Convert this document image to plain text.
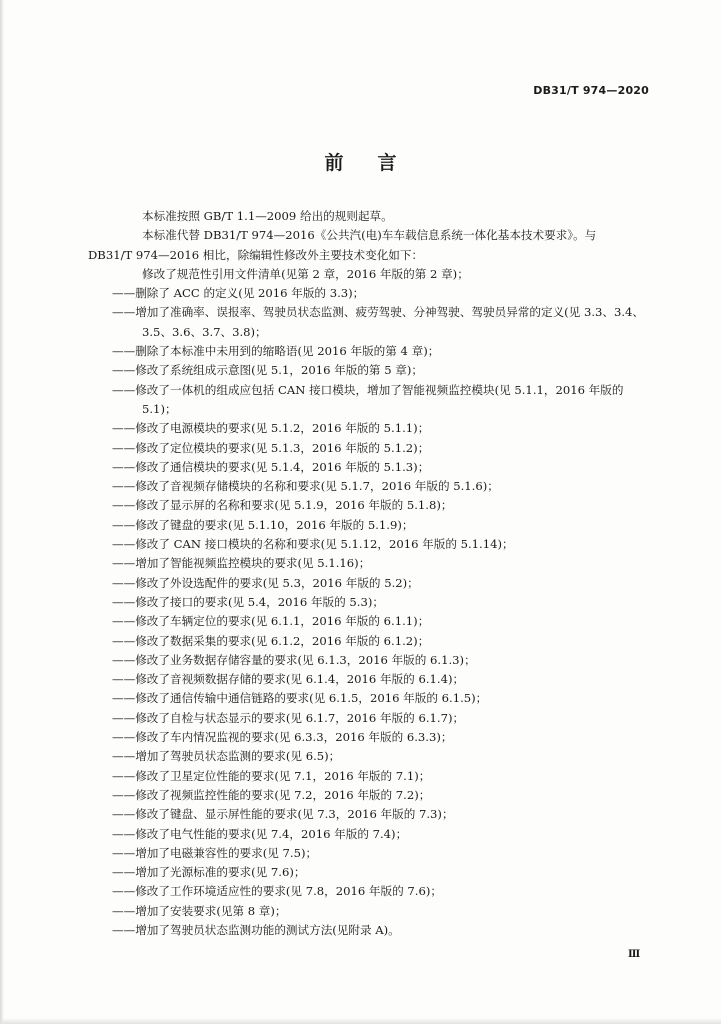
DB31/T 974—2020
前言
本标准按照 GB/T 1.1—2009 给出的规则起草。
本标准代替 DB31/T 974—2016《公共汽(电)车车载信息系统一体化基本技术要求》。与
DB31/T 974—2016 相比，除编辑性修改外主要技术变化如下：
修改了规范性引用文件清单(见第 2 章，2016 年版的第 2 章)；
——删除了 ACC 的定义(见 2016 年版的 3.3)；
——增加了准确率、误报率、驾驶员状态监测、疲劳驾驶、分神驾驶、驾驶员异常的定义(见 3.3、3.4、
3.5、3.6、3.7、3.8)；
——删除了本标准中未用到的缩略语(见 2016 年版的第 4 章)；
——修改了系统组成示意图(见 5.1，2016 年版的第 5 章)；
——修改了一体机的组成应包括 CAN 接口模块，增加了智能视频监控模块(见 5.1.1，2016 年版的
5.1)；
——修改了电源模块的要求(见 5.1.2，2016 年版的 5.1.1)；
——修改了定位模块的要求(见 5.1.3，2016 年版的 5.1.2)；
——修改了通信模块的要求(见 5.1.4，2016 年版的 5.1.3)；
——修改了音视频存储模块的名称和要求(见 5.1.7，2016 年版的 5.1.6)；
——修改了显示屏的名称和要求(见 5.1.9，2016 年版的 5.1.8)；
——修改了键盘的要求(见 5.1.10，2016 年版的 5.1.9)；
——修改了 CAN 接口模块的名称和要求(见 5.1.12，2016 年版的 5.1.14)；
——增加了智能视频监控模块的要求(见 5.1.16)；
——修改了外设选配件的要求(见 5.3，2016 年版的 5.2)；
——修改了接口的要求(见 5.4，2016 年版的 5.3)；
——修改了车辆定位的要求(见 6.1.1，2016 年版的 6.1.1)；
——修改了数据采集的要求(见 6.1.2，2016 年版的 6.1.2)；
——修改了业务数据存储容量的要求(见 6.1.3，2016 年版的 6.1.3)；
——修改了音视频数据存储的要求(见 6.1.4，2016 年版的 6.1.4)；
——修改了通信传输中通信链路的要求(见 6.1.5，2016 年版的 6.1.5)；
——修改了自检与状态显示的要求(见 6.1.7，2016 年版的 6.1.7)；
——修改了车内情况监视的要求(见 6.3.3，2016 年版的 6.3.3)；
——增加了驾驶员状态监测的要求(见 6.5)；
——修改了卫星定位性能的要求(见 7.1，2016 年版的 7.1)；
——修改了视频监控性能的要求(见 7.2，2016 年版的 7.2)；
——修改了键盘、显示屏性能的要求(见 7.3，2016 年版的 7.3)；
——修改了电气性能的要求(见 7.4，2016 年版的 7.4)；
——增加了电磁兼容性的要求(见 7.5)；
——增加了光源标准的要求(见 7.6)；
——修改了工作环境适应性的要求(见 7.8，2016 年版的 7.6)；
——增加了安装要求(见第 8 章)；
——增加了驾驶员状态监测功能的测试方法(见附录 A)。
Ⅲ
